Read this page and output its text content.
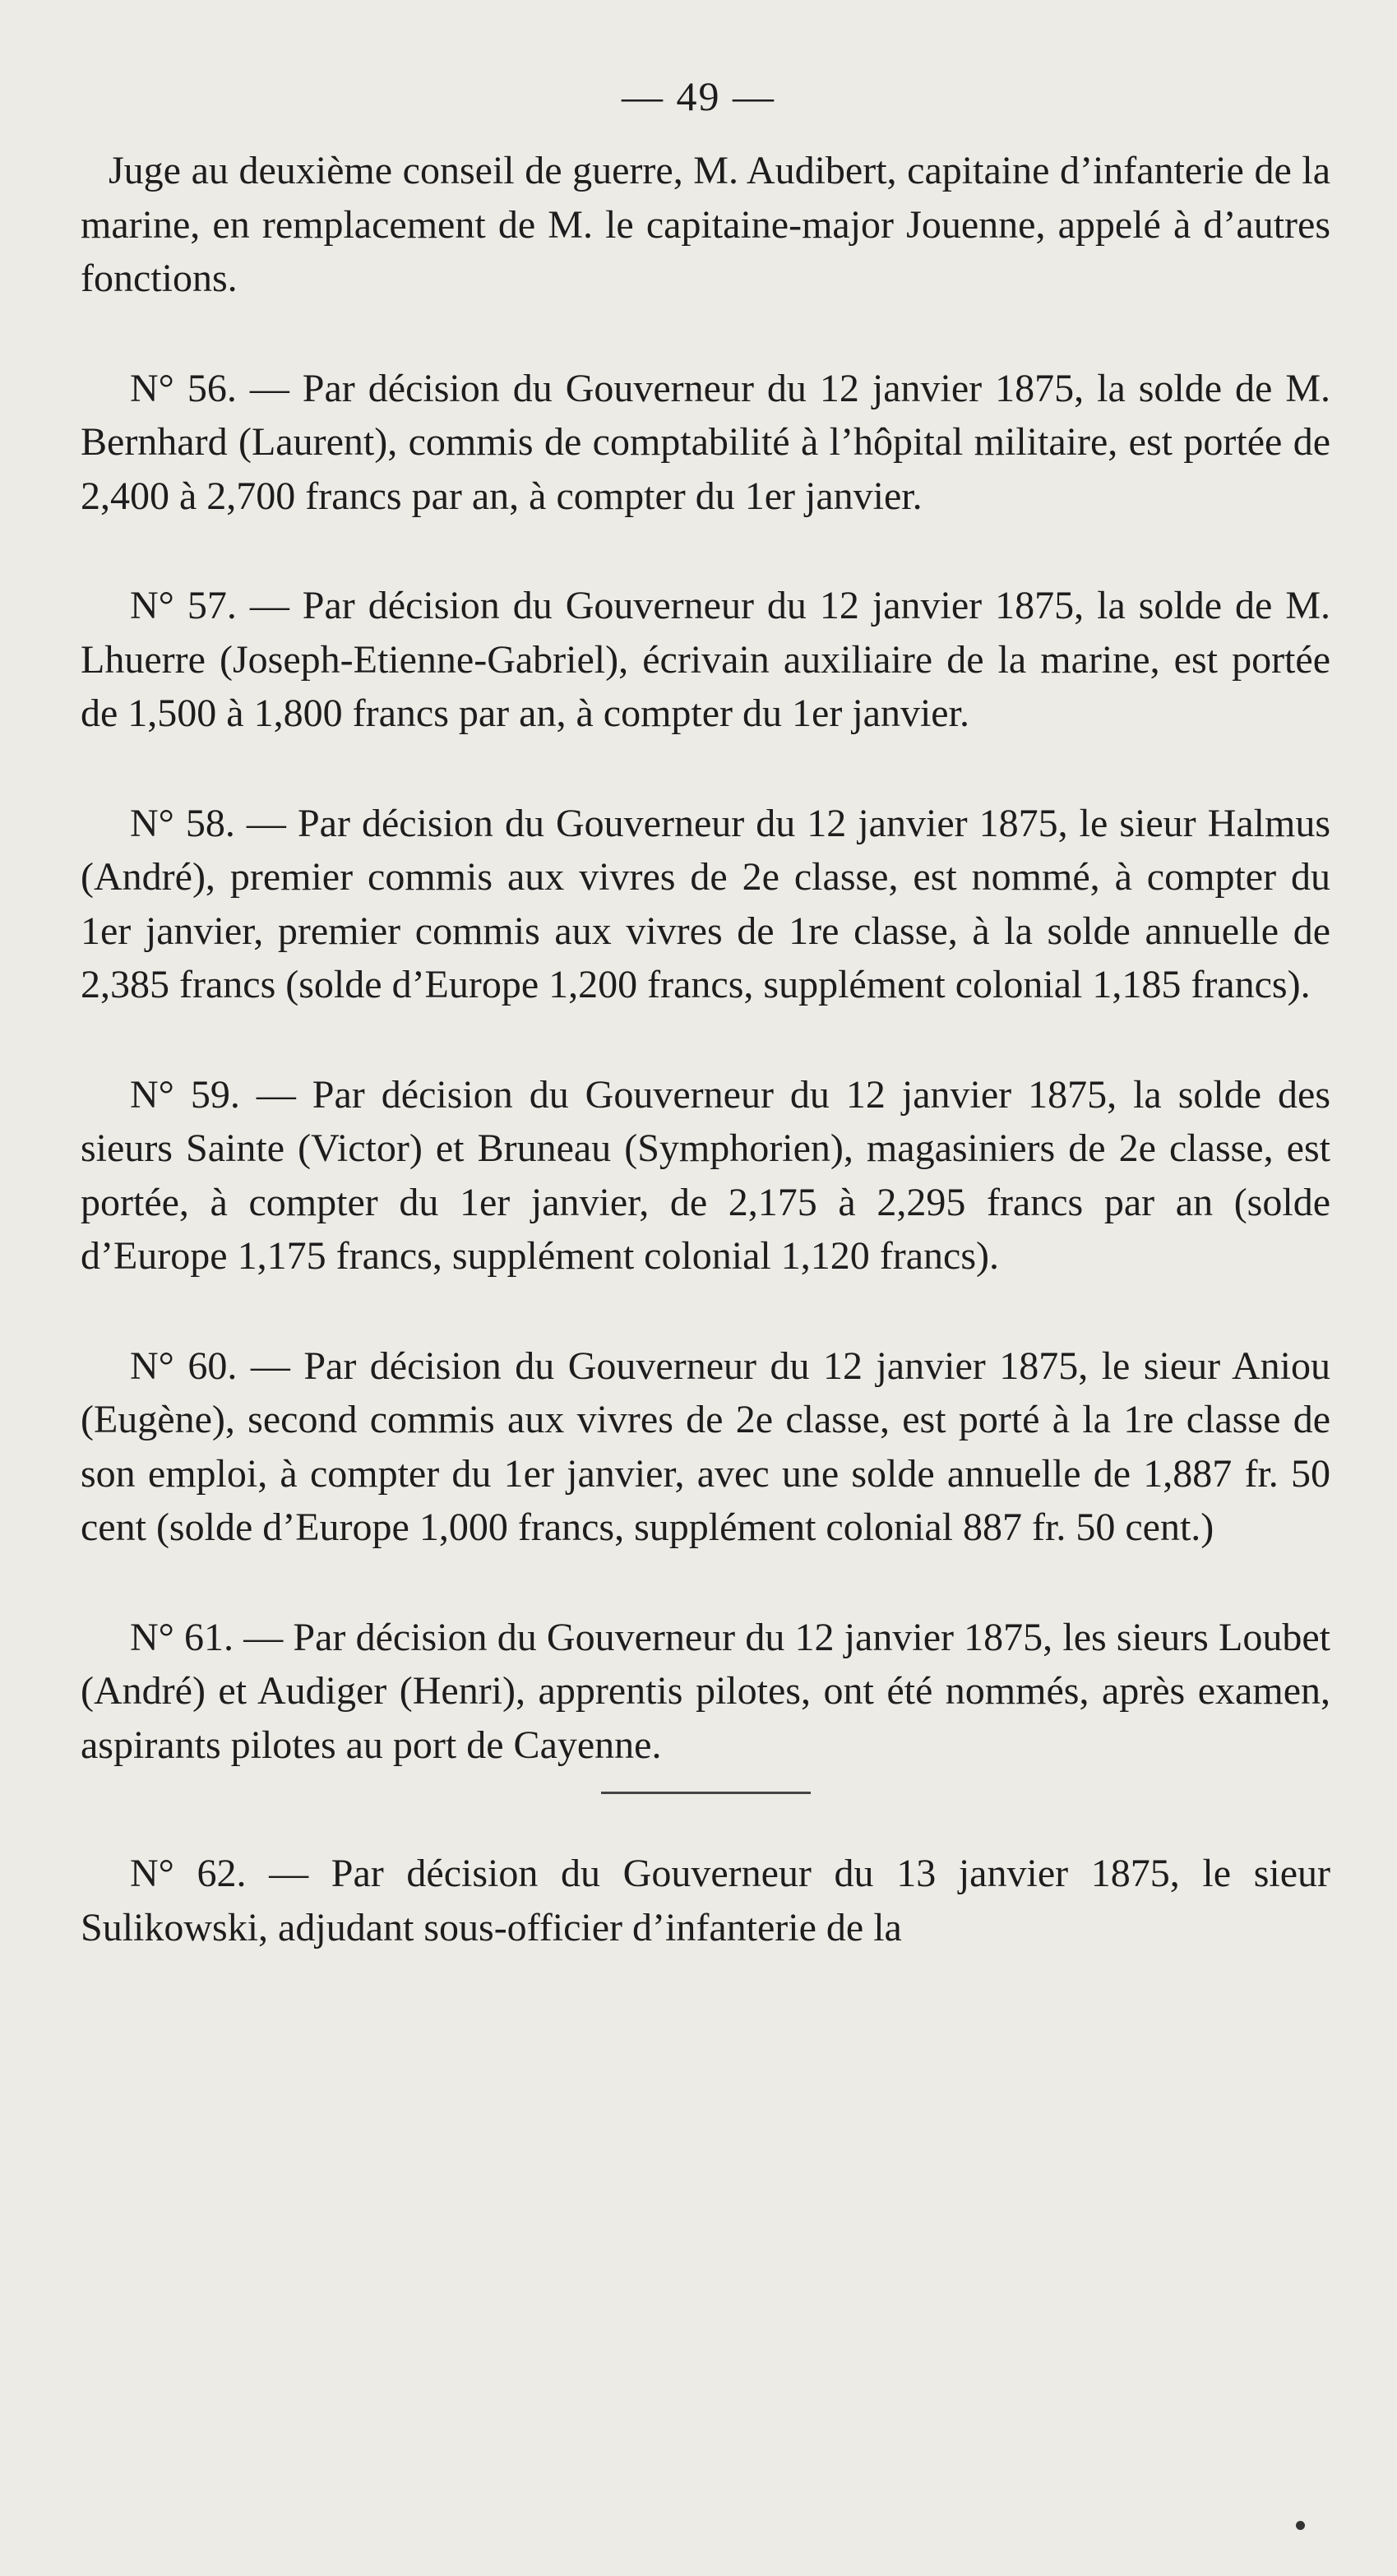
— 49 —

Juge au deuxième conseil de guerre, M. Audibert, capitaine d’infanterie de la marine, en remplacement de M. le capitaine-major Jouenne, appelé à d’autres fonctions.

N° 56. — Par décision du Gouverneur du 12 janvier 1875, la solde de M. Bernhard (Laurent), commis de comptabilité à l’hôpital militaire, est portée de 2,400 à 2,700 francs par an, à compter du 1er janvier.

N° 57. — Par décision du Gouverneur du 12 janvier 1875, la solde de M. Lhuerre (Joseph-Etienne-Gabriel), écrivain auxiliaire de la marine, est portée de 1,500 à 1,800 francs par an, à compter du 1er janvier.

N° 58. — Par décision du Gouverneur du 12 janvier 1875, le sieur Halmus (André), premier commis aux vivres de 2e classe, est nommé, à compter du 1er janvier, premier commis aux vivres de 1re classe, à la solde annuelle de 2,385 francs (solde d’Europe 1,200 francs, supplément colonial 1,185 francs).

N° 59. — Par décision du Gouverneur du 12 janvier 1875, la solde des sieurs Sainte (Victor) et Bruneau (Symphorien), magasiniers de 2e classe, est portée, à compter du 1er janvier, de 2,175 à 2,295 francs par an (solde d’Europe 1,175 francs, supplément colonial 1,120 francs).

N° 60. — Par décision du Gouverneur du 12 janvier 1875, le sieur Aniou (Eugène), second commis aux vivres de 2e classe, est porté à la 1re classe de son emploi, à compter du 1er janvier, avec une solde annuelle de 1,887 fr. 50 cent (solde d’Europe 1,000 francs, supplément colonial 887 fr. 50 cent.)

N° 61. — Par décision du Gouverneur du 12 janvier 1875, les sieurs Loubet (André) et Audiger (Henri), apprentis pilotes, ont été nommés, après examen, aspirants pilotes au port de Cayenne.

N° 62. — Par décision du Gouverneur du 13 janvier 1875, le sieur Sulikowski, adjudant sous-officier d’infanterie de la
